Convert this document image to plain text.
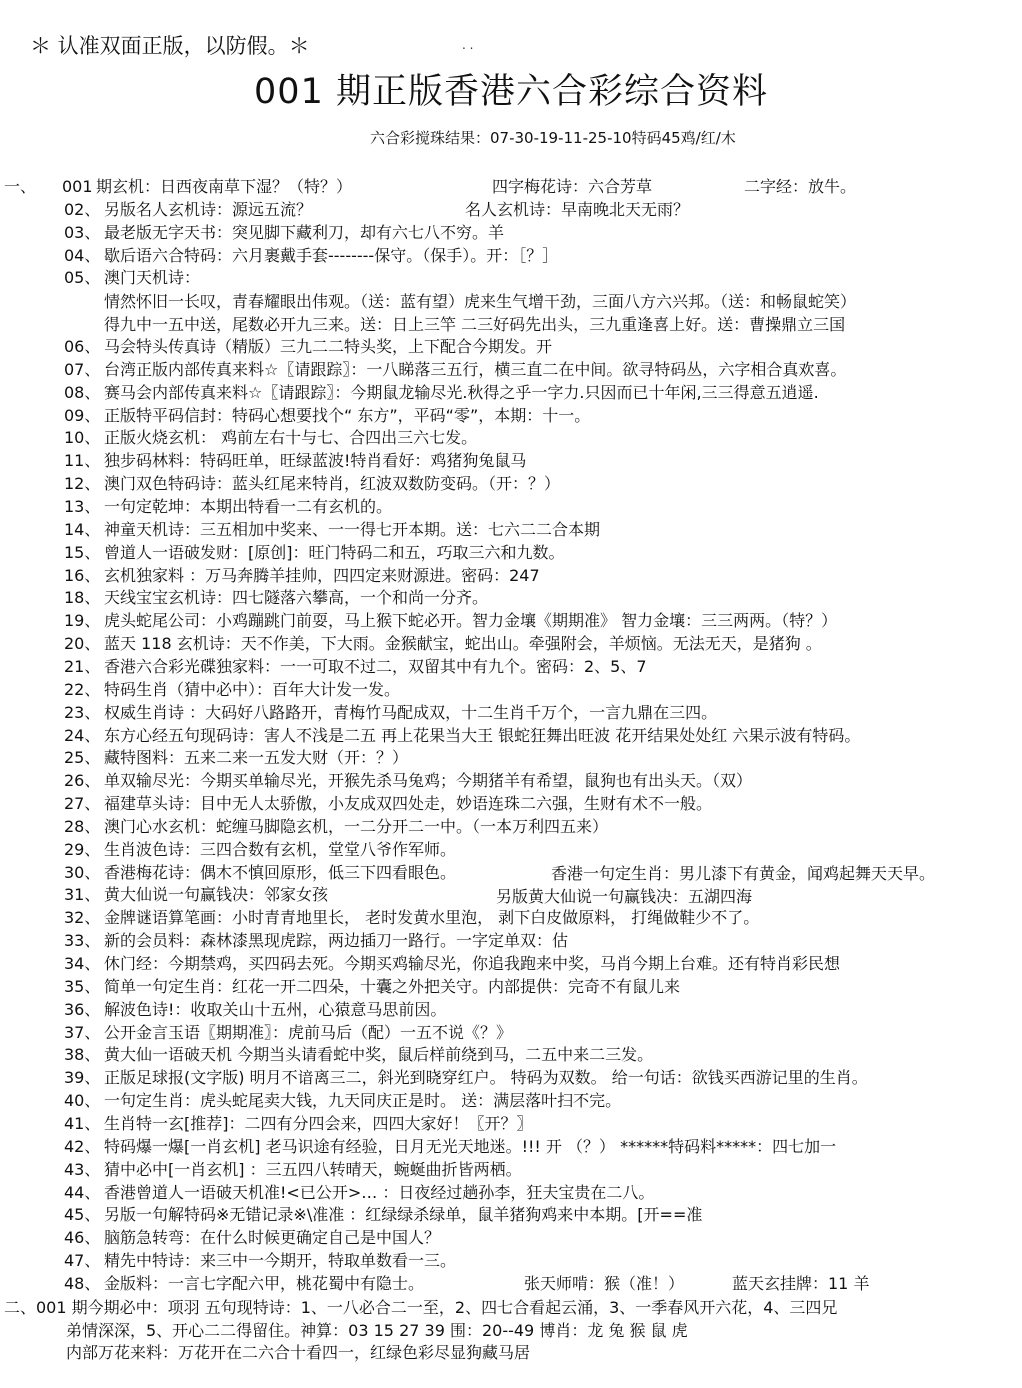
＊ 认准双面正版，以防假。＊	. .
001 期正版香港六合彩综合资料
六合彩搅珠结果：07-30-19-11-25-10特码45鸡/红/木
一、 001 期玄机：日西夜南草下湿？（特？）
02、 另版名人玄机诗：源远五流？
03、 最老版无字天书：突见脚下藏利刀，却有六七八不穷。羊
04、 歇后语六合特码：六月裹戴手套--------保守。（保手）。开：［？］
05、 澳门天机诗：
06、 马会特头传真诗（精版）三九二二特头奖，上下配合今期发。开
07、 台湾正版内部传真来料☆〖请跟踪〗：一八睇落三五行，横三直二在中间。欲寻特码丛，六字相合真欢喜。
08、 赛马会内部传真来料☆〖请跟踪〗：今期鼠龙输尽光.秋得之乎一字力.只因而已十年闲,三三得意五逍遥.
09、 正版特平码信封：特码心想要找个“ 东方”，平码“零”，本期：十一。
10、 正版火烧玄机： 鸡前左右十与七、合四出三六七发。
11、 独步码林料：特码旺单，旺绿蓝波!特肖看好：鸡猪狗兔鼠马
12、 澳门双色特码诗：蓝头红尾来特肖，红波双数防变码。（开：？）
13、 一句定乾坤：本期出特看一二有玄机的。
14、 神童天机诗：三五相加中奖来、一一得七开本期。送：七六二二合本期
15、 曾道人一语破发财：[原创]：旺门特码二和五，巧取三六和九数。
16、 玄机独家料 ：万马奔腾羊挂帅，四四定来财源进。密码：247
18、 天线宝宝玄机诗：四七隧落六攀高，一个和尚一分齐。
19、 虎头蛇尾公司：小鸡蹦跳门前耍，马上猴下蛇必开。智力金壤《期期准》 智力金壤：三三两两。（特？）
20、 蓝天 118 玄机诗：天不作美，下大雨。金猴献宝，蛇出山。牵强附会，羊烦恼。无法无天，是猪狗 。
21、 香港六合彩光碟独家料：一一可取不过二，双留其中有九个。密码：2、5、7
22、 特码生肖（猜中必中）：百年大计发一发。
23、 权威生肖诗 ：大码好八路路开，青梅竹马配成双，十二生肖千万个，一言九鼎在三四。
24、 东方心经五句现码诗：害人不浅是二五 再上花果当大王 银蛇狂舞出旺波 花开结果处处红 六果示波有特码。
25、 藏特图料：五来二来一五发大财（开：？）
26、 单双输尽光：今期买单输尽光，开猴先杀马兔鸡；今期猪羊有希望，鼠狗也有出头天。（双）
27、 福建草头诗：目中无人太骄傲，小友成双四处走，妙语连珠二六强，生财有术不一般。
28、 澳门心水玄机：蛇缠马脚隐玄机，一二分开二一中。（一本万利四五来）
29、 生肖波色诗：三四合数有玄机，堂堂八爷作军师。
30、 香港梅花诗：偶木不慎回原形，低三下四看眼色。
31、 黄大仙说一句赢钱决：邻家女孩
32、 金牌谜语算笔画：小时青青地里长， 老时发黄水里泡， 剥下白皮做原料， 打绳做鞋少不了。
33、 新的会员料：森林漆黑现虎踪，两边插刀一路行。一字定单双：估
34、 休门经：今期禁鸡，买四码去死。今期买鸡输尽光，你追我跑来中奖，马肖今期上台难。还有特肖彩民想
35、 简单一句定生肖：红花一开二四朵，十囊之外把关守。内部提供：完奇不有鼠儿来
36、 解波色诗!：收取关山十五州，心猿意马思前因。
37、 公开金言玉语〖期期准〗：虎前马后（配）一五不说《？》
38、 黄大仙一语破天机 今期当头请看蛇中奖，鼠后样前绕到马，二五中来二三发。
39、 正版足球报(文字版) 明月不谙离三二，斜光到晓穿红户。 特码为双数。 给一句话：欲钱买西游记里的生肖。
40、 一句定生肖：虎头蛇尾卖大钱，九天同庆正是时。 送：满层落叶扫不完。
41、 生肖特一玄[推荐]：二四有分四会来，四四大家好！〖开？〗
42、 特码爆一爆[一肖玄机] 老马识途有经验，日月无光天地迷。!!! 开 （？） ******特码料*****：四七加一
43、 猜中必中[一肖玄机] ：三五四八转晴天，蜿蜒曲折皆两栖。
44、 香港曾道人一语破天机准!<已公开>… ：日夜经过趟孙李，狂夫宝贵在二八。
45、 另版一句解特码※无错记录※\准准 ：红绿绿杀绿单，鼠羊猪狗鸡来中本期。[开==准
46、 脑筋急转弯：在什么时候更确定自己是中国人？
47、 精先中特诗：来三中一今期开，特取单数看一三。
48、 金版料：一言七字配六甲，桃花蜀中有隐士。
四字梅花诗：六合芳草	二字经：放牛。
名人玄机诗：早南晚北天无雨？
香港一句定生肖：男儿漆下有黄金，闻鸡起舞天天早。
另版黄大仙说一句赢钱决：五湖四海
张天师啃：猴（准！）	蓝天玄挂牌：11 羊
情然怀旧一长叹，青春耀眼出伟观。（送：蓝有望）虎来生气增干劲，三面八方六兴邦。（送：和畅鼠蛇笑）
得九中一五中送，尾数必开九三来。送：日上三竿 二三好码先出头，三九重逢喜上好。送：曹操鼎立三国
二、 001 期今期必中：项羽 五句现特诗：1、一八必合二一至，2、四七合看起云涌，3、一季春风开六花，4、三四兄
弟情深深，5、开心二二得留住。神算：03 15 27 39 围：20--49 博肖：龙 兔 猴 鼠 虎
内部万花来料：万花开在二六合十看四一，红绿色彩尽显狗藏马居
